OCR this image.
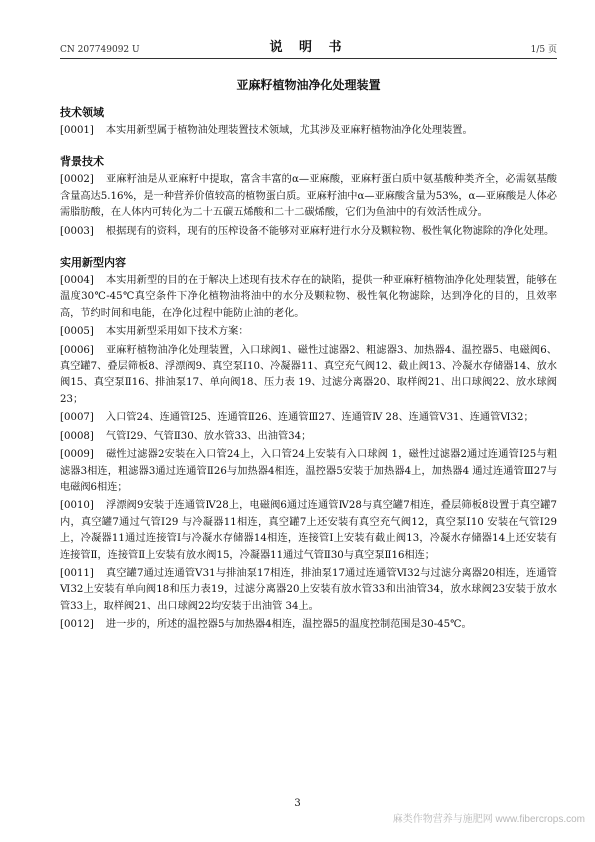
CN 207749092 U	说 明 书	1/5 页
亚麻籽植物油净化处理装置
技术领域

[0001] 本实用新型属于植物油处理装置技术领域，尤其涉及亚麻籽植物油净化处理装置。

背景技术

[0002] 亚麻籽油是从亚麻籽中提取，富含丰富的α—亚麻酸，亚麻籽蛋白质中氨基酸种类齐全，必需氨基酸含量高达5.16%，是一种营养价值较高的植物蛋白质。亚麻籽油中α—亚麻酸含量为53%，α—亚麻酸是人体必需脂肪酸，在人体内可转化为二十五碳五烯酸和二十二碳烯酸，它们为鱼油中的有效活性成分。

[0003] 根据现有的资料，现有的压榨设备不能够对亚麻籽进行水分及颗粒物、极性氧化物滤除的净化处理。

实用新型内容

[0004] 本实用新型的目的在于解决上述现有技术存在的缺陷，提供一种亚麻籽植物油净化处理装置，能够在温度30℃-45℃真空条件下净化植物油将油中的水分及颗粒物、极性氧化物滤除，达到净化的目的，且效率高，节约时间和电能，在净化过程中能防止油的老化。

[0005] 本实用新型采用如下技术方案：

[0006] 亚麻籽植物油净化处理装置，入口球阀1、磁性过滤器2、粗滤器3、加热器4、温控器5、电磁阀6、真空罐7、叠层筛板8、浮漂阀9、真空泵Ⅰ10、冷凝器11、真空充气阀12、截止阀13、冷凝水存储器14、放水阀15、真空泵Ⅱ16、排油泵17、单向阀18、压力表 19、过滤分离器20、取样阀21、出口球阀22、放水球阀23；

[0007] 入口管24、连通管Ⅰ25、连通管Ⅱ26、连通管Ⅲ27、连通管Ⅳ 28、连通管Ⅴ31、连通管Ⅵ32；

[0008] 气管Ⅰ29、气管Ⅱ30、放水管33、出油管34；

[0009] 磁性过滤器2安装在入口管24上，入口管24上安装有入口球阀 1，磁性过滤器2通过连通管Ⅰ25与粗滤器3相连，粗滤器3通过连通管Ⅱ26与加热器4相连，温控器5安装于加热器4上，加热器4 通过连通管Ⅲ27与电磁阀6相连；

[0010] 浮漂阀9安装于连通管Ⅳ28上，电磁阀6通过连通管Ⅳ28与真空罐7相连，叠层筛板8设置于真空罐7内，真空罐7通过气管Ⅰ29 与冷凝器11相连，真空罐7上还安装有真空充气阀12，真空泵Ⅰ10 安装在气管Ⅰ29上，冷凝器11通过连接管Ⅰ与冷凝水存储器14相连，连接管Ⅰ上安装有截止阀13，冷凝水存储器14上还安装有连接管Ⅱ，连接管Ⅱ上安装有放水阀15，冷凝器11通过气管Ⅱ30与真空泵Ⅱ16相连；

[0011] 真空罐7通过连通管Ⅴ31与排油泵17相连，排油泵17通过连通管Ⅵ32与过滤分离器20相连，连通管Ⅵ32上安装有单向阀18和压力表19，过滤分离器20上安装有放水管33和出油管34，放水球阀23安装于放水管33上，取样阀21、出口球阀22均安装于出油管 34上。

[0012] 进一步的，所述的温控器5与加热器4相连，温控器5的温度控制范围是30-45℃。

3
麻类作物营养与施肥网 www.fibercrops.com
